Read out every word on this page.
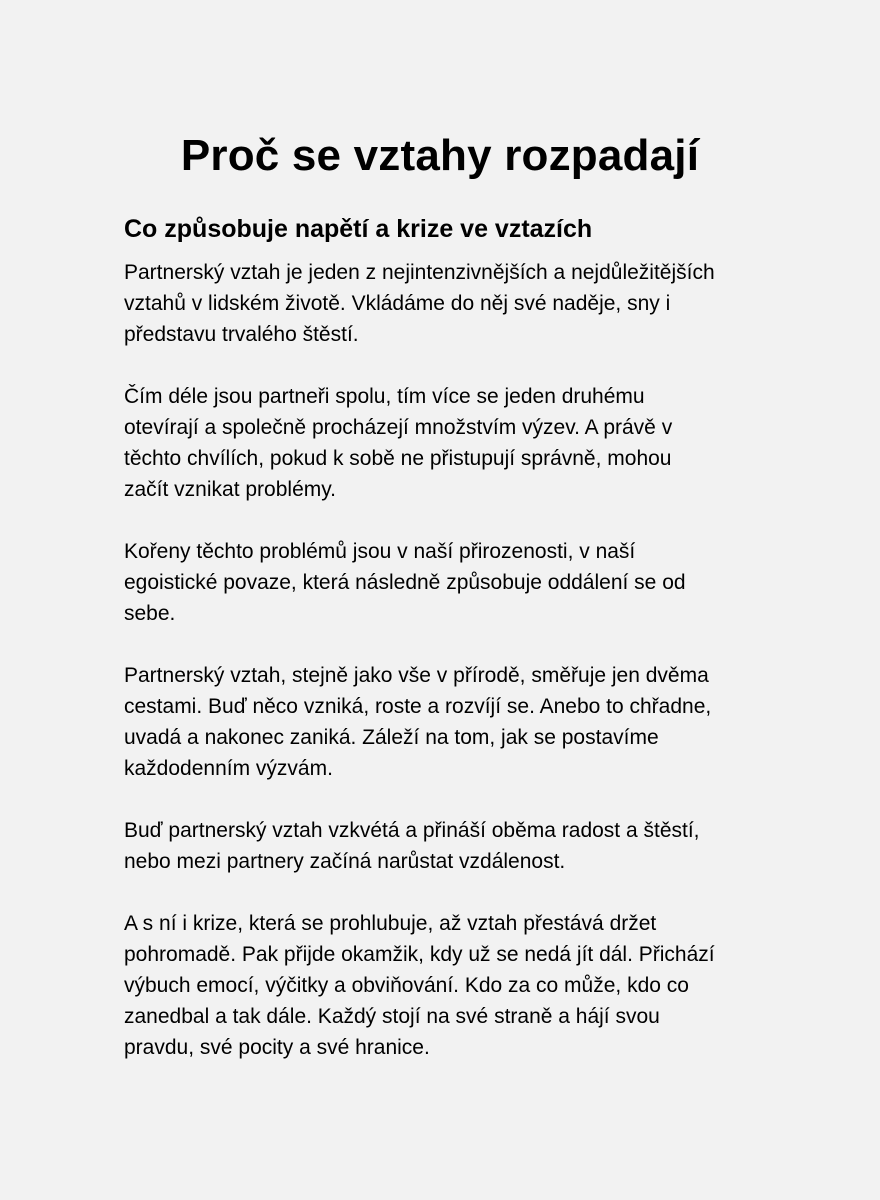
Proč se vztahy rozpadají
Co způsobuje napětí a krize ve vztazích

Partnerský vztah je jeden z nejintenzivnějších a nejdůležitějších
vztahů v lidském životě. Vkládáme do něj své naděje, sny i
představu trvalého štěstí.

Čím déle jsou partneři spolu, tím více se jeden druhému
otevírají a společně procházejí množstvím výzev. A právě v
těchto chvílích, pokud k sobě ne přistupují správně, mohou
začít vznikat problémy.

Kořeny těchto problémů jsou v naší přirozenosti, v naší
egoistické povaze, která následně způsobuje oddálení se od
sebe.

Partnerský vztah, stejně jako vše v přírodě, směřuje jen dvěma
cestami. Buď něco vzniká, roste a rozvíjí se. Anebo to chřadne,
uvadá a nakonec zaniká. Záleží na tom, jak se postavíme
každodenním výzvám.

Buď partnerský vztah vzkvétá a přináší oběma radost a štěstí,
nebo mezi partnery začíná narůstat vzdálenost.

A s ní i krize, která se prohlubuje, až vztah přestává držet
pohromadě. Pak přijde okamžik, kdy už se nedá jít dál. Přichází
výbuch emocí, výčitky a obviňování. Kdo za co může, kdo co
zanedbal a tak dále. Každý stojí na své straně a hájí svou
pravdu, své pocity a své hranice.
